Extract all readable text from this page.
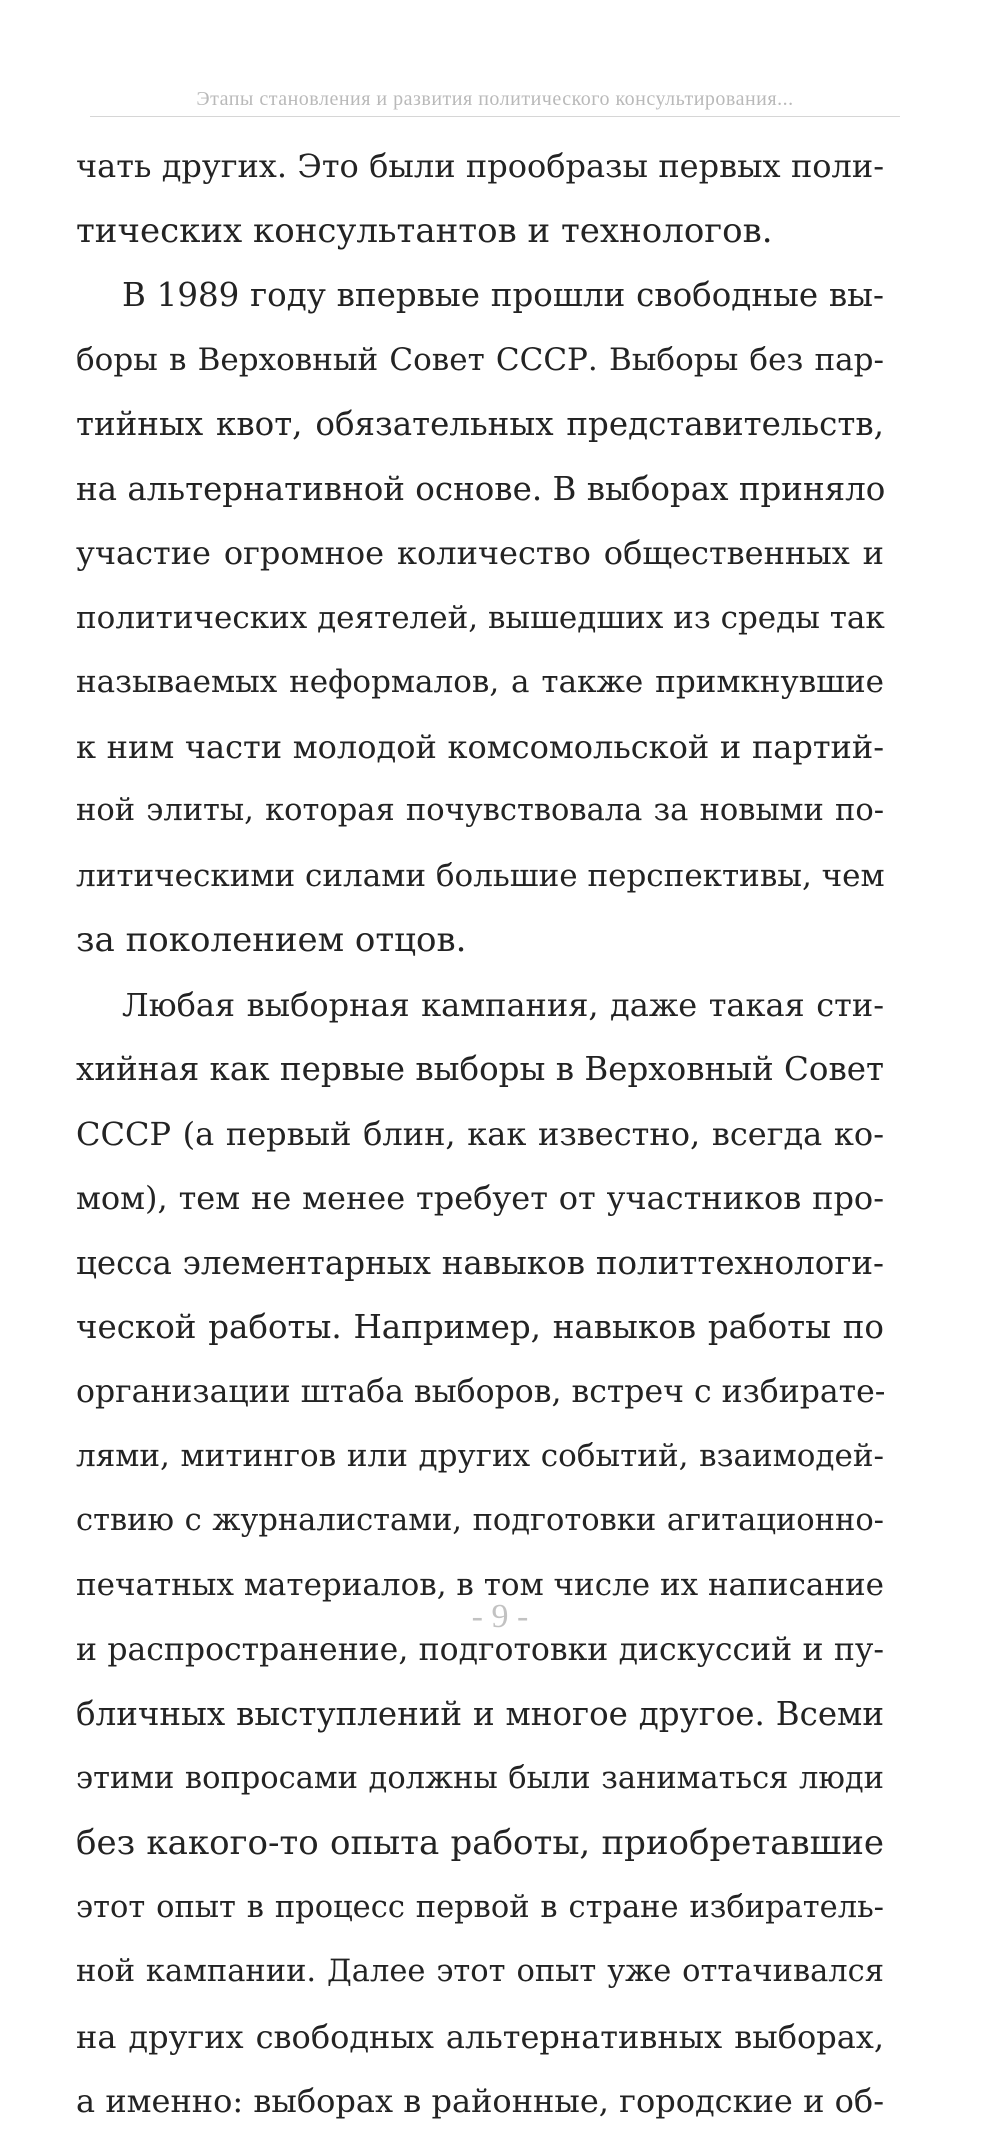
Этапы становления и развития политического консультирования...
чать других. Это были прообразы первых поли-
тических консультантов и технологов.
В 1989 году впервые прошли свободные вы-
боры в Верховный Совет СССР. Выборы без пар-
тийных квот, обязательных представительств,
на альтернативной основе. В выборах приняло
участие огромное количество общественных и
политических деятелей, вышедших из среды так
называемых неформалов, а также примкнувшие
к ним части молодой комсомольской и партий-
ной элиты, которая почувствовала за новыми по-
литическими силами большие перспективы, чем
за поколением отцов.
Любая выборная кампания, даже такая сти-
хийная как первые выборы в Верховный Совет
СССР (а первый блин, как известно, всегда ко-
мом), тем не менее требует от участников про-
цесса элементарных навыков политтехнологи-
ческой работы. Например, навыков работы по
организации штаба выборов, встреч с избирате-
лями, митингов или других событий, взаимодей-
ствию с журналистами, подготовки агитационно-
печатных материалов, в том числе их написание
и распространение, подготовки дискуссий и пу-
бличных выступлений и многое другое. Всеми
этими вопросами должны были заниматься люди
без какого-то опыта работы, приобретавшие
этот опыт в процесс первой в стране избиратель-
ной кампании. Далее этот опыт уже оттачивался
на других свободных альтернативных выборах,
а именно: выборах в районные, городские и об-
- 9 -
